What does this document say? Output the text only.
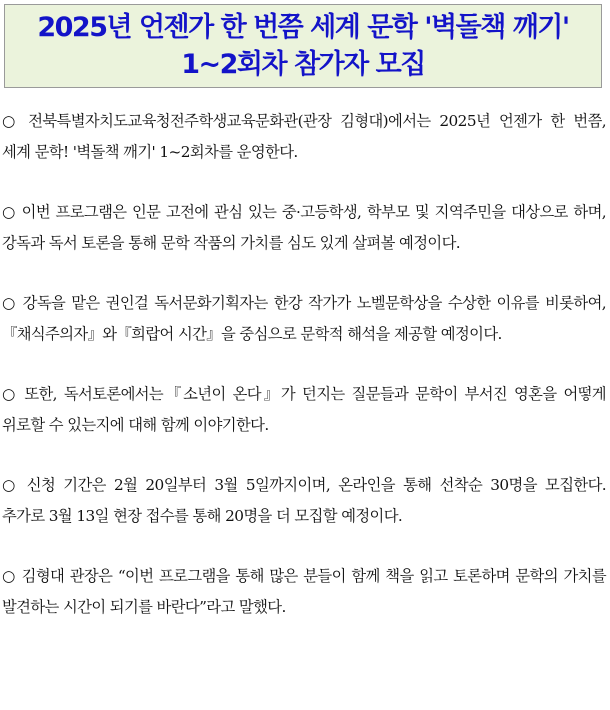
2025년 언젠가 한 번쯤 세계 문학 '벽돌책 깨기'
1~2회차 참가자 모집

○ 전북특별자치도교육청전주학생교육문화관(관장 김형대)에서는 2025년 언젠가 한 번쯤, 세계 문학! '벽돌책 깨기' 1~2회차를 운영한다.

○ 이번 프로그램은 인문 고전에 관심 있는 중·고등학생, 학부모 및 지역주민을 대상으로 하며, 강독과 독서 토론을 통해 문학 작품의 가치를 심도 있게 살펴볼 예정이다.

○ 강독을 맡은 권인걸 독서문화기획자는 한강 작가가 노벨문학상을 수상한 이유를 비롯하여,『채식주의자』와『희랍어 시간』을 중심으로 문학적 해석을 제공할 예정이다.

○ 또한, 독서토론에서는『소년이 온다』가 던지는 질문들과 문학이 부서진 영혼을 어떻게 위로할 수 있는지에 대해 함께 이야기한다.

○ 신청 기간은 2월 20일부터 3월 5일까지이며, 온라인을 통해 선착순 30명을 모집한다. 추가로 3월 13일 현장 접수를 통해 20명을 더 모집할 예정이다.

○ 김형대 관장은 “이번 프로그램을 통해 많은 분들이 함께 책을 읽고 토론하며 문학의 가치를 발견하는 시간이 되기를 바란다”라고 말했다.
